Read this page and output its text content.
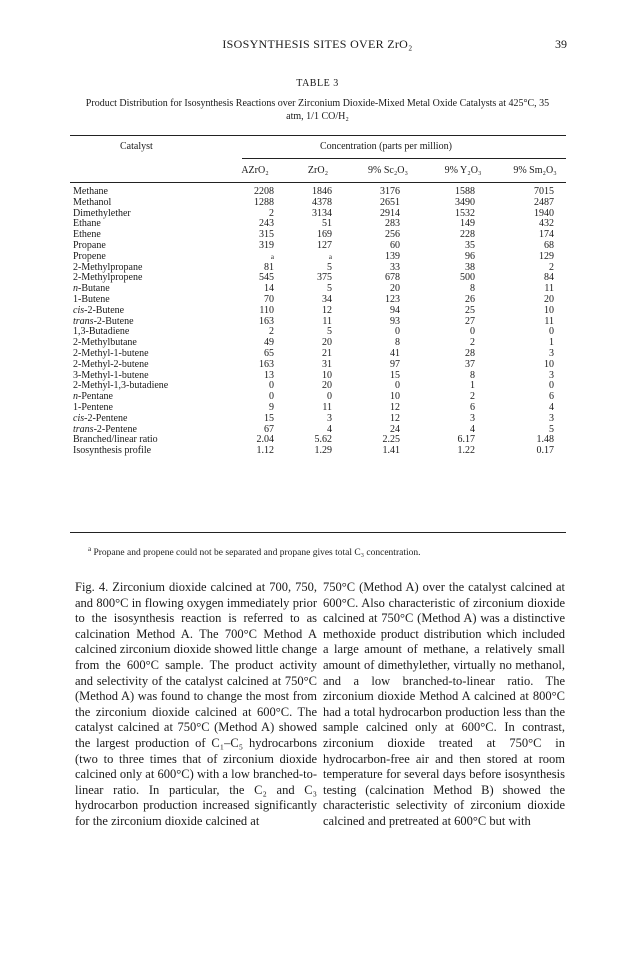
ISOSYNTHESIS SITES OVER ZrO₂	39
TABLE 3
Product Distribution for Isosynthesis Reactions over Zirconium Dioxide-Mixed Metal Oxide Catalysts at 425°C, 35 atm, 1/1 CO/H₂
Catalyst	Concentration (parts per million)
AZrO₂	ZrO₂	9% Sc₂O₃	9% Y₂O₃	9% Sm₂O₃
Methane	2208	1846	3176	1588	7015
Methanol	1288	4378	2651	3490	2487
Dimethylether	2	3134	2914	1532	1940
Ethane	243	51	283	149	432
Ethene	315	169	256	228	174
Propane	319	127	60	35	68
Propene	a	a	139	96	129
2-Methylpropane	81	5	33	38	2
2-Methylpropene	545	375	678	500	84
n-Butane	14	5	20	8	11
1-Butene	70	34	123	26	20
cis-2-Butene	110	12	94	25	10
trans-2-Butene	163	11	93	27	11
1,3-Butadiene	2	5	0	0	0
2-Methylbutane	49	20	8	2	1
2-Methyl-1-butene	65	21	41	28	3
2-Methyl-2-butene	163	31	97	37	10
3-Methyl-1-butene	13	10	15	8	3
2-Methyl-1,3-butadiene	0	20	0	1	0
n-Pentane	0	0	10	2	6
1-Pentene	9	11	12	6	4
cis-2-Pentene	15	3	12	3	3
trans-2-Pentene	67	4	24	4	5
Branched/linear ratio	2.04	5.62	2.25	6.17	1.48
Isosynthesis profile	1.12	1.29	1.41	1.22	0.17
$^a$ Propane and propene could not be separated and propane gives total C₃ concentration.
Fig. 4. Zirconium dioxide calcined at 700, 750, and 800°C in flowing oxygen immediately prior to the isosynthesis reaction is referred to as calcination Method A. The 700°C Method A calcined zirconium dioxide showed little change from the 600°C sample. The product activity and selectivity of the catalyst calcined at 750°C (Method A) was found to change the most from the zirconium dioxide calcined at 600°C. The catalyst calcined at 750°C (Method A) showed the largest production of C₁–C₅ hydrocarbons (two to three times that of zirconium dioxide calcined only at 600°C) with a low branched-to-linear ratio. In particular, the C₂ and C₃ hydrocarbon production increased significantly for the zirconium dioxide calcined at
750°C (Method A) over the catalyst calcined at 600°C. Also characteristic of zirconium dioxide calcined at 750°C (Method A) was a distinctive methoxide product distribution which included a large amount of methane, a relatively small amount of dimethylether, virtually no methanol, and a low branched-to-linear ratio. The zirconium dioxide Method A calcined at 800°C had a total hydrocarbon production less than the sample calcined only at 600°C. In contrast, zirconium dioxide treated at 750°C in hydrocarbon-free air and then stored at room temperature for several days before isosynthesis testing (calcination Method B) showed the characteristic selectivity of zirconium dioxide calcined and pretreated at 600°C but with
